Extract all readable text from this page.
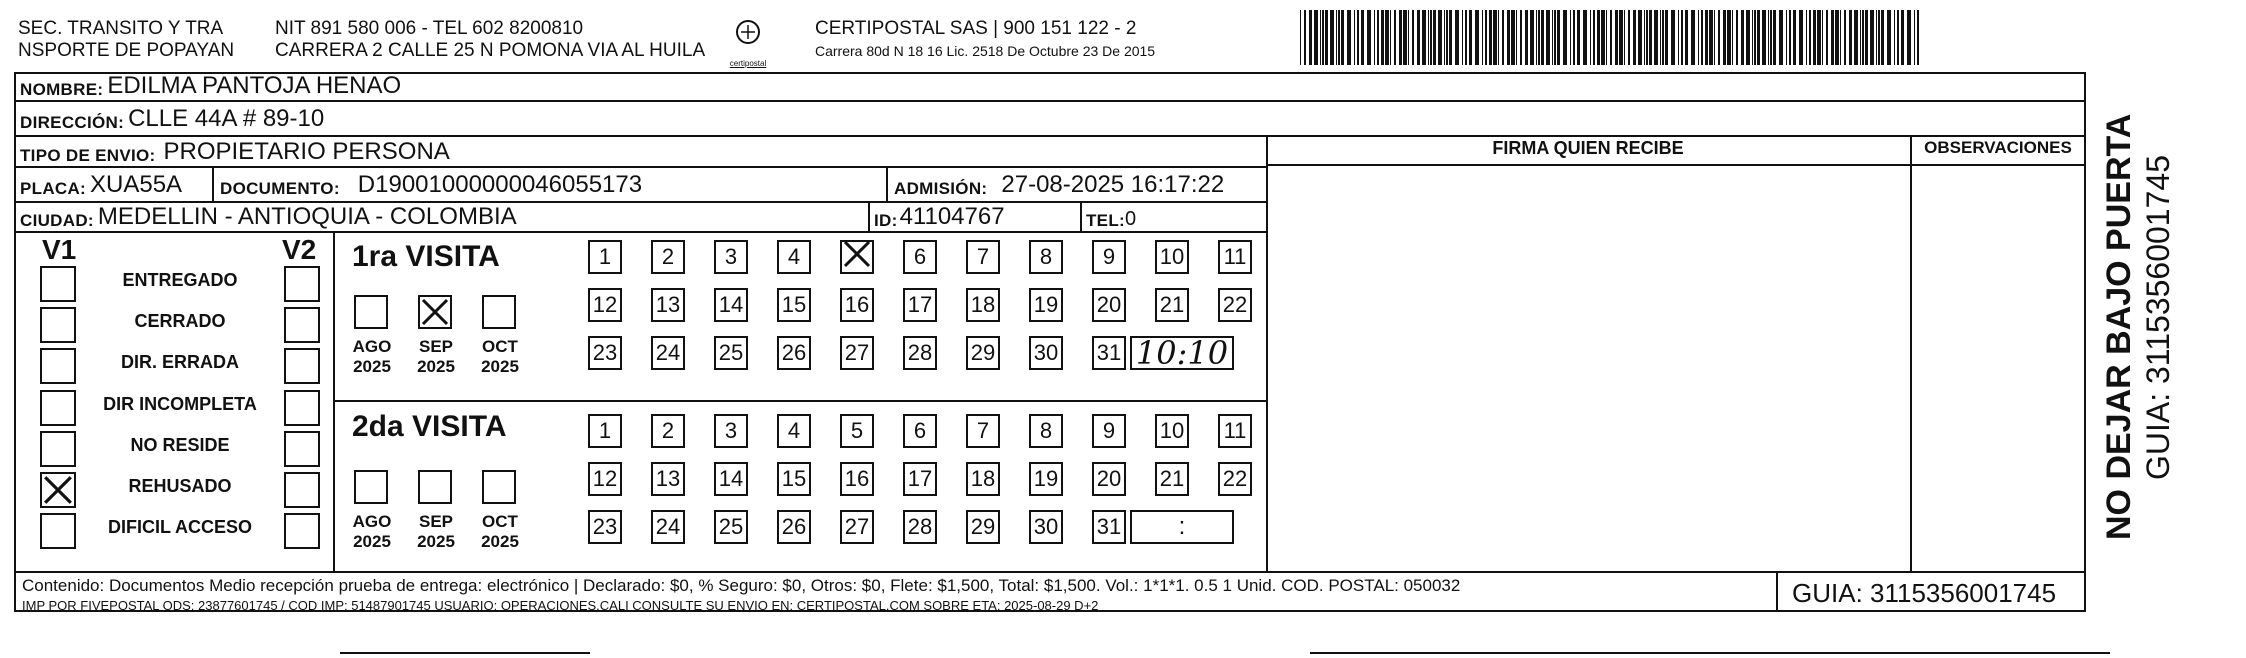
SEC. TRANSITO Y TRA
NSPORTE DE POPAYAN
NIT 891 580 006 - TEL 602 8200810
CARRERA 2 CALLE 25 N POMONA VIA AL HUILA
certipostal
CERTIPOSTAL SAS | 900 151 122 - 2
Carrera 80d N 18 16 Lic. 2518 De Octubre 23 De 2015
NOMBRE: EDILMA PANTOJA HENAO
DIRECCIÓN: CLLE 44A # 89-10
TIPO DE ENVIO: PROPIETARIO PERSONA	FIRMA QUIEN RECIBE	OBSERVACIONES
PLACA: XUA55A DOCUMENTO: D19001000000046055173	ADMISIÓN: 27-08-2025 16:17:22
CIUDAD: MEDELLIN - ANTIOQUIA - COLOMBIA	ID: 41104767	TEL: 0
V1	V2
ENTREGADO
CERRADO
DIR. ERRADA
DIR INCOMPLETA
NO RESIDE
REHUSADO
DIFICIL ACCESO
1ra VISITA
2da VISITA
AGO
2025
SEP
2025
OCT
2025
1 2 3 4	6 7 8 9 10 11
12 13 14 15 16 17 18 19 20 21 22
23 24 25 26 27 28 29 30 31 10:10
AGO
2025
SEP
2025
OCT
2025
1 2 3 4 5 6 7 8 9 10 11
12 13 14 15 16 17 18 19 20 21 22
23 24 25 26 27 28 29 30 31 :	NO DEJAR BAJO PUERTA GUIA: 3115356001745
Contenido: Documentos Medio recepción prueba de entrega: electrónico | Declarado: $0, % Seguro: $0, Otros: $0, Flete: $1,500, Total: $1,500. Vol.: 1*1*1. 0.5 1 Unid. COD. POSTAL: 050032
IMP POR FIVEPOSTAL ODS: 23877601745 / COD IMP: 51487901745 USUARIO: OPERACIONES.CALI CONSULTE SU ENVIO EN: CERTIPOSTAL.COM SOBRE ETA: 2025-08-29 D+2	GUIA: 3115356001745
